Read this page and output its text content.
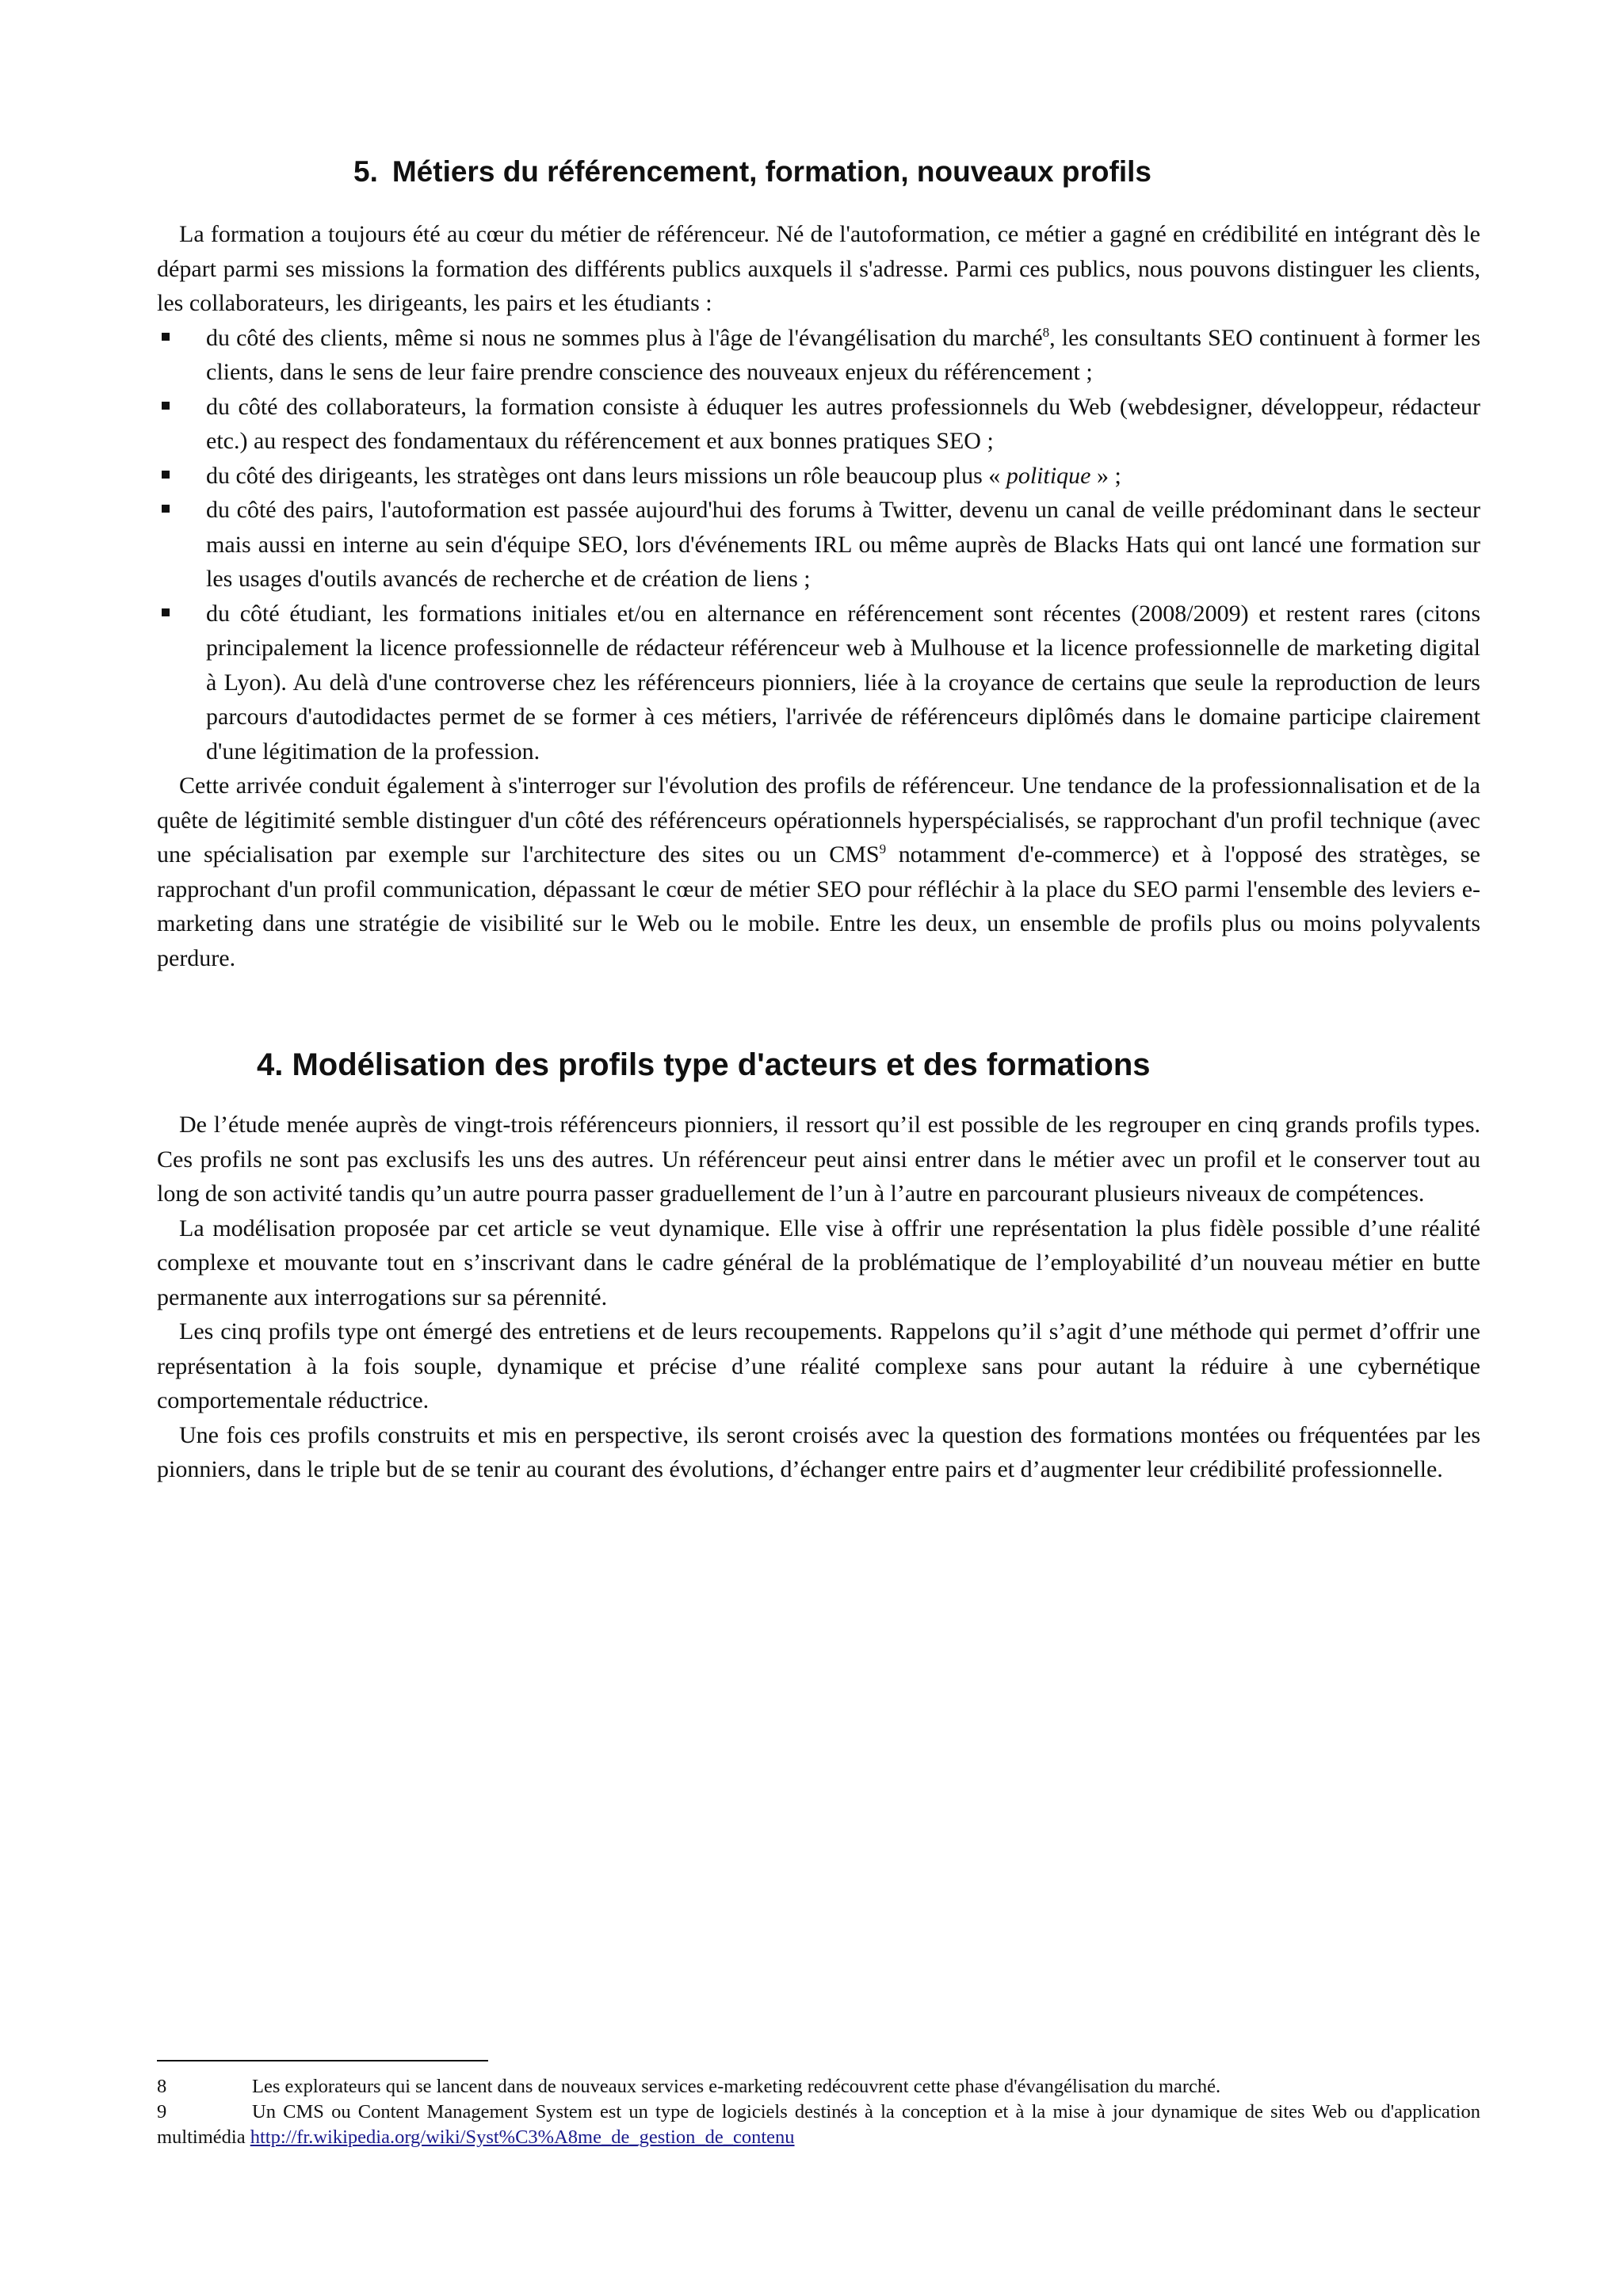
5. Métiers du référencement, formation, nouveaux profils

La formation a toujours été au cœur du métier de référenceur. Né de l'autoformation, ce métier a gagné en crédibilité en intégrant dès le départ parmi ses missions la formation des différents publics auxquels il s'adresse. Parmi ces publics, nous pouvons distinguer les clients, les collaborateurs, les dirigeants, les pairs et les étudiants :

du côté des clients, même si nous ne sommes plus à l'âge de l'évangélisation du marché$^8$, les consultants SEO continuent à former les clients, dans le sens de leur faire prendre conscience des nouveaux enjeux du référencement ;
du côté des collaborateurs, la formation consiste à éduquer les autres professionnels du Web (webdesigner, développeur, rédacteur etc.) au respect des fondamentaux du référencement et aux bonnes pratiques SEO ;
du côté des dirigeants, les stratèges ont dans leurs missions un rôle beaucoup plus « politique » ;
du côté des pairs, l'autoformation est passée aujourd'hui des forums à Twitter, devenu un canal de veille prédominant dans le secteur mais aussi en interne au sein d'équipe SEO, lors d'événements IRL ou même auprès de Blacks Hats qui ont lancé une formation sur les usages d'outils avancés de recherche et de création de liens ;
du côté étudiant, les formations initiales et/ou en alternance en référencement sont récentes (2008/2009) et restent rares (citons principalement la licence professionnelle de rédacteur référenceur web à Mulhouse et la licence professionnelle de marketing digital à Lyon). Au delà d'une controverse chez les référenceurs pionniers, liée à la croyance de certains que seule la reproduction de leurs parcours d'autodidactes permet de se former à ces métiers, l'arrivée de référenceurs diplômés dans le domaine participe clairement d'une légitimation de la profession.

Cette arrivée conduit également à s'interroger sur l'évolution des profils de référenceur. Une tendance de la professionnalisation et de la quête de légitimité semble distinguer d'un côté des référenceurs opérationnels hyperspécialisés, se rapprochant d'un profil technique (avec une spécialisation par exemple sur l'architecture des sites ou un CMS$^9$ notamment d'e-commerce) et à l'opposé des stratèges, se rapprochant d'un profil communication, dépassant le cœur de métier SEO pour réfléchir à la place du SEO parmi l'ensemble des leviers e-marketing dans une stratégie de visibilité sur le Web ou le mobile. Entre les deux, un ensemble de profils plus ou moins polyvalents perdure.

4. Modélisation des profils type d'acteurs et des formations

De l’étude menée auprès de vingt-trois référenceurs pionniers, il ressort qu’il est possible de les regrouper en cinq grands profils types. Ces profils ne sont pas exclusifs les uns des autres. Un référenceur peut ainsi entrer dans le métier avec un profil et le conserver tout au long de son activité tandis qu’un autre pourra passer graduellement de l’un à l’autre en parcourant plusieurs niveaux de compétences.

La modélisation proposée par cet article se veut dynamique. Elle vise à offrir une représentation la plus fidèle possible d’une réalité complexe et mouvante tout en s’inscrivant dans le cadre général de la problématique de l’employabilité d’un nouveau métier en butte permanente aux interrogations sur sa pérennité.

Les cinq profils type ont émergé des entretiens et de leurs recoupements. Rappelons qu’il s’agit d’une méthode qui permet d’offrir une représentation à la fois souple, dynamique et précise d’une réalité complexe sans pour autant la réduire à une cybernétique comportementale réductrice.

Une fois ces profils construits et mis en perspective, ils seront croisés avec la question des formations montées ou fréquentées par les pionniers, dans le triple but de se tenir au courant des évolutions, d’échanger entre pairs et d’augmenter leur crédibilité professionnelle.

8	Les explorateurs qui se lancent dans de nouveaux services e-marketing redécouvrent cette phase d'évangélisation du marché.
9	Un CMS ou Content Management System est un type de logiciels destinés à la conception et à la mise à jour dynamique de sites Web ou d'application multimédia http://fr.wikipedia.org/wiki/Syst%C3%A8me_de_gestion_de_contenu
